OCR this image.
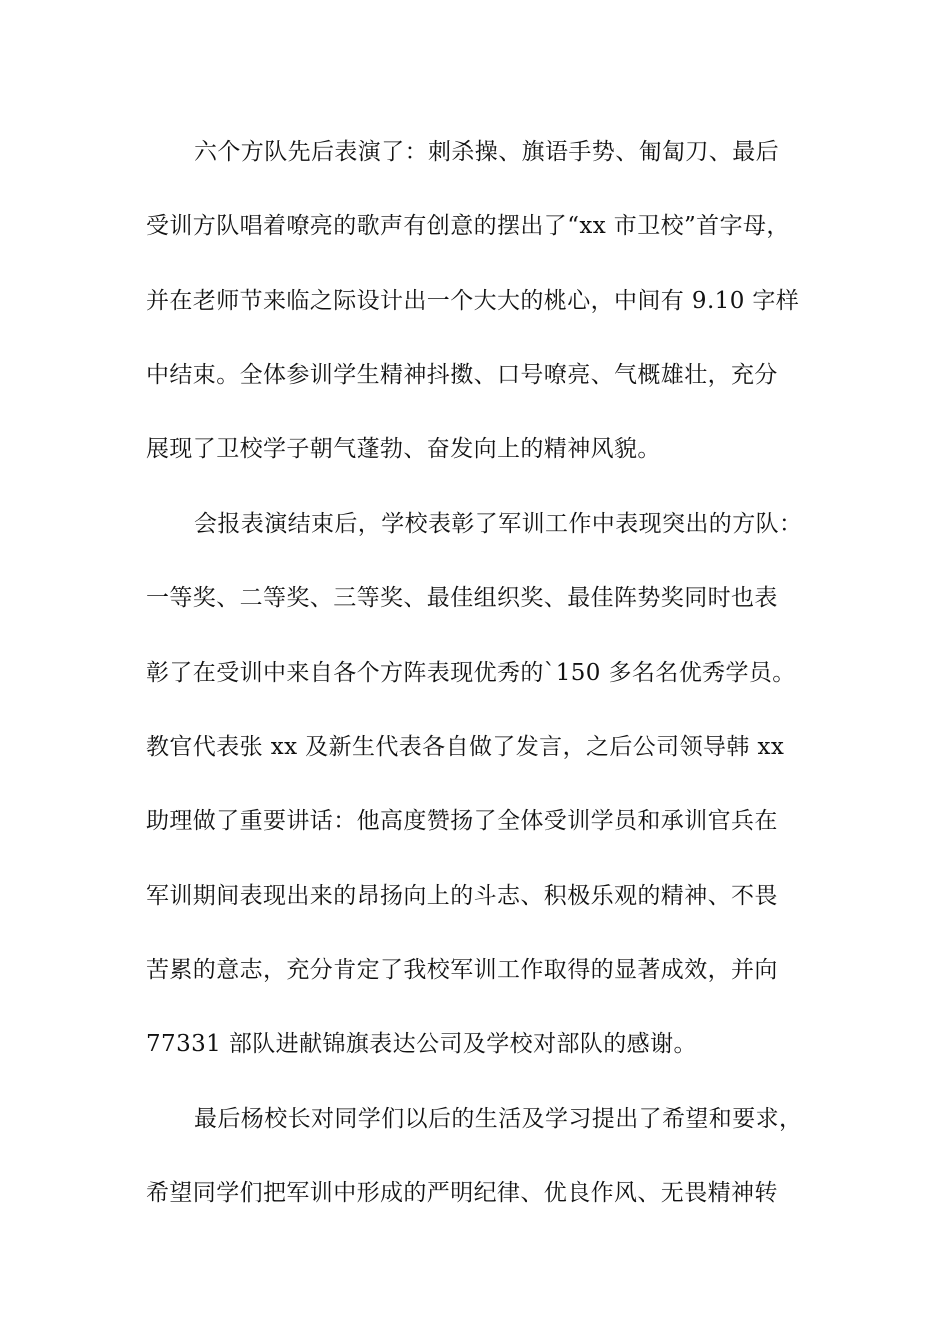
六个方队先后表演了：刺杀操、旗语手势、匍匐刀、最后
受训方队唱着嘹亮的歌声有创意的摆出了“xx 市卫校”首字母，
并在老师节来临之际设计出一个大大的桃心，中间有 9.10 字样
中结束。全体参训学生精神抖擞、口号嘹亮、气概雄壮，充分
展现了卫校学子朝气蓬勃、奋发向上的精神风貌。
会报表演结束后，学校表彰了军训工作中表现突出的方队：
一等奖、二等奖、三等奖、最佳组织奖、最佳阵势奖同时也表
彰了在受训中来自各个方阵表现优秀的`150 多名名优秀学员。
教官代表张 xx 及新生代表各自做了发言，之后公司领导韩 xx
助理做了重要讲话：他高度赞扬了全体受训学员和承训官兵在
军训期间表现出来的昂扬向上的斗志、积极乐观的精神、不畏
苦累的意志，充分肯定了我校军训工作取得的显著成效，并向
77331 部队进献锦旗表达公司及学校对部队的感谢。
最后杨校长对同学们以后的生活及学习提出了希望和要求，
希望同学们把军训中形成的严明纪律、优良作风、无畏精神转
